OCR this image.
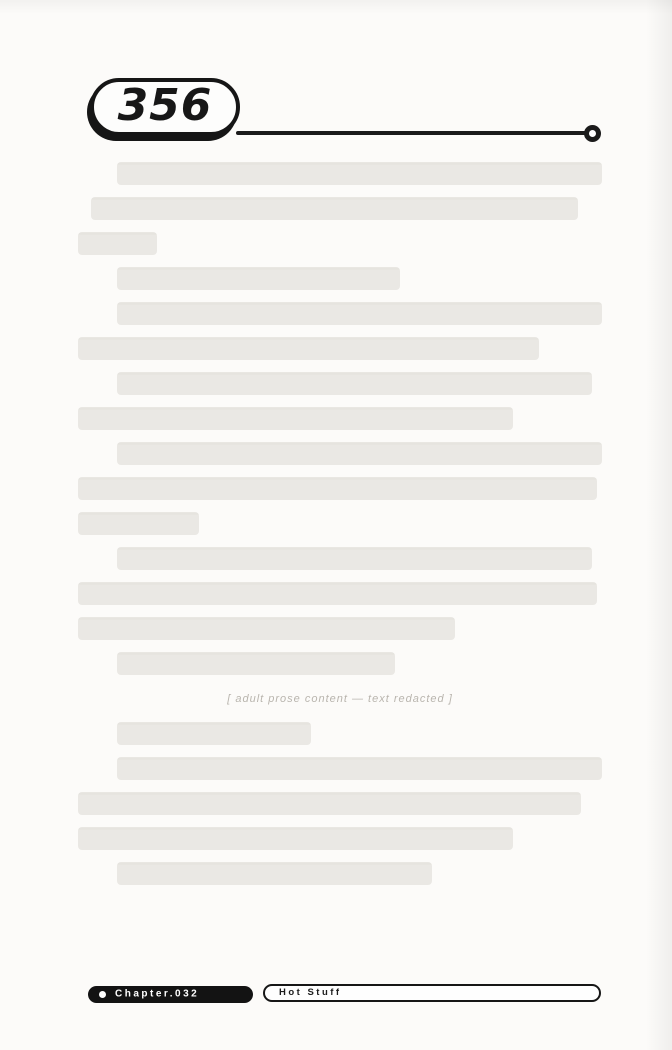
356
[ adult prose content — text redacted ]
Chapter.032	Hot Stuff
